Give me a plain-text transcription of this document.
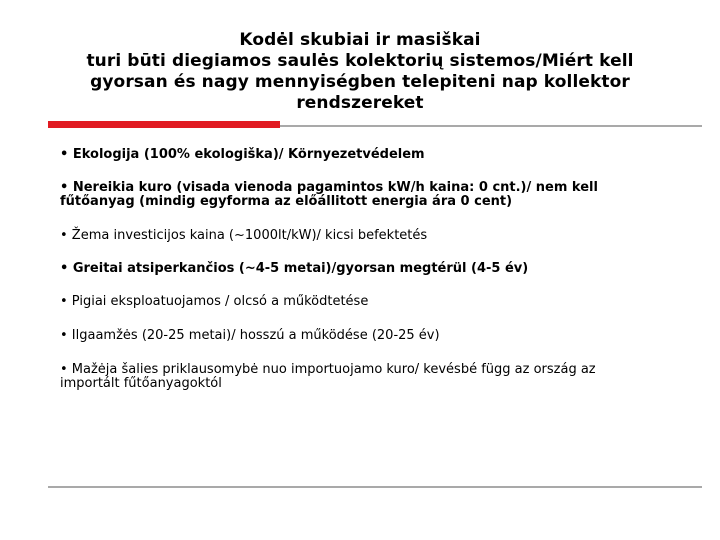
Kodėl skubiai ir masiškai
turi būti diegiamos saulės kolektorių sistemos/Miért kell
gyorsan és nagy mennyiségben telepiteni nap kollektor
rendszereket
• Ekologija (100% ekologiška)/ Környezetvédelem
• Nereikia kuro (visada vienoda pagamintos kW/h kaina: 0 cnt.)/ nem kell
fűtőanyag (mindig egyforma az előállitott energia ára 0 cent)
• Žema investicijos kaina (~1000lt/kW)/ kicsi befektetés
• Greitai atsiperkančios (~4-5 metai)/gyorsan megtérül (4-5 év)
• Pigiai eksploatuojamos / olcsó a működtetése
• Ilgaamžės (20-25 metai)/ hosszú a működése (20-25 év)
• Mažėja šalies priklausomybė nuo importuojamo kuro/ kevésbé függ az ország az
importált fűtőanyagoktól
